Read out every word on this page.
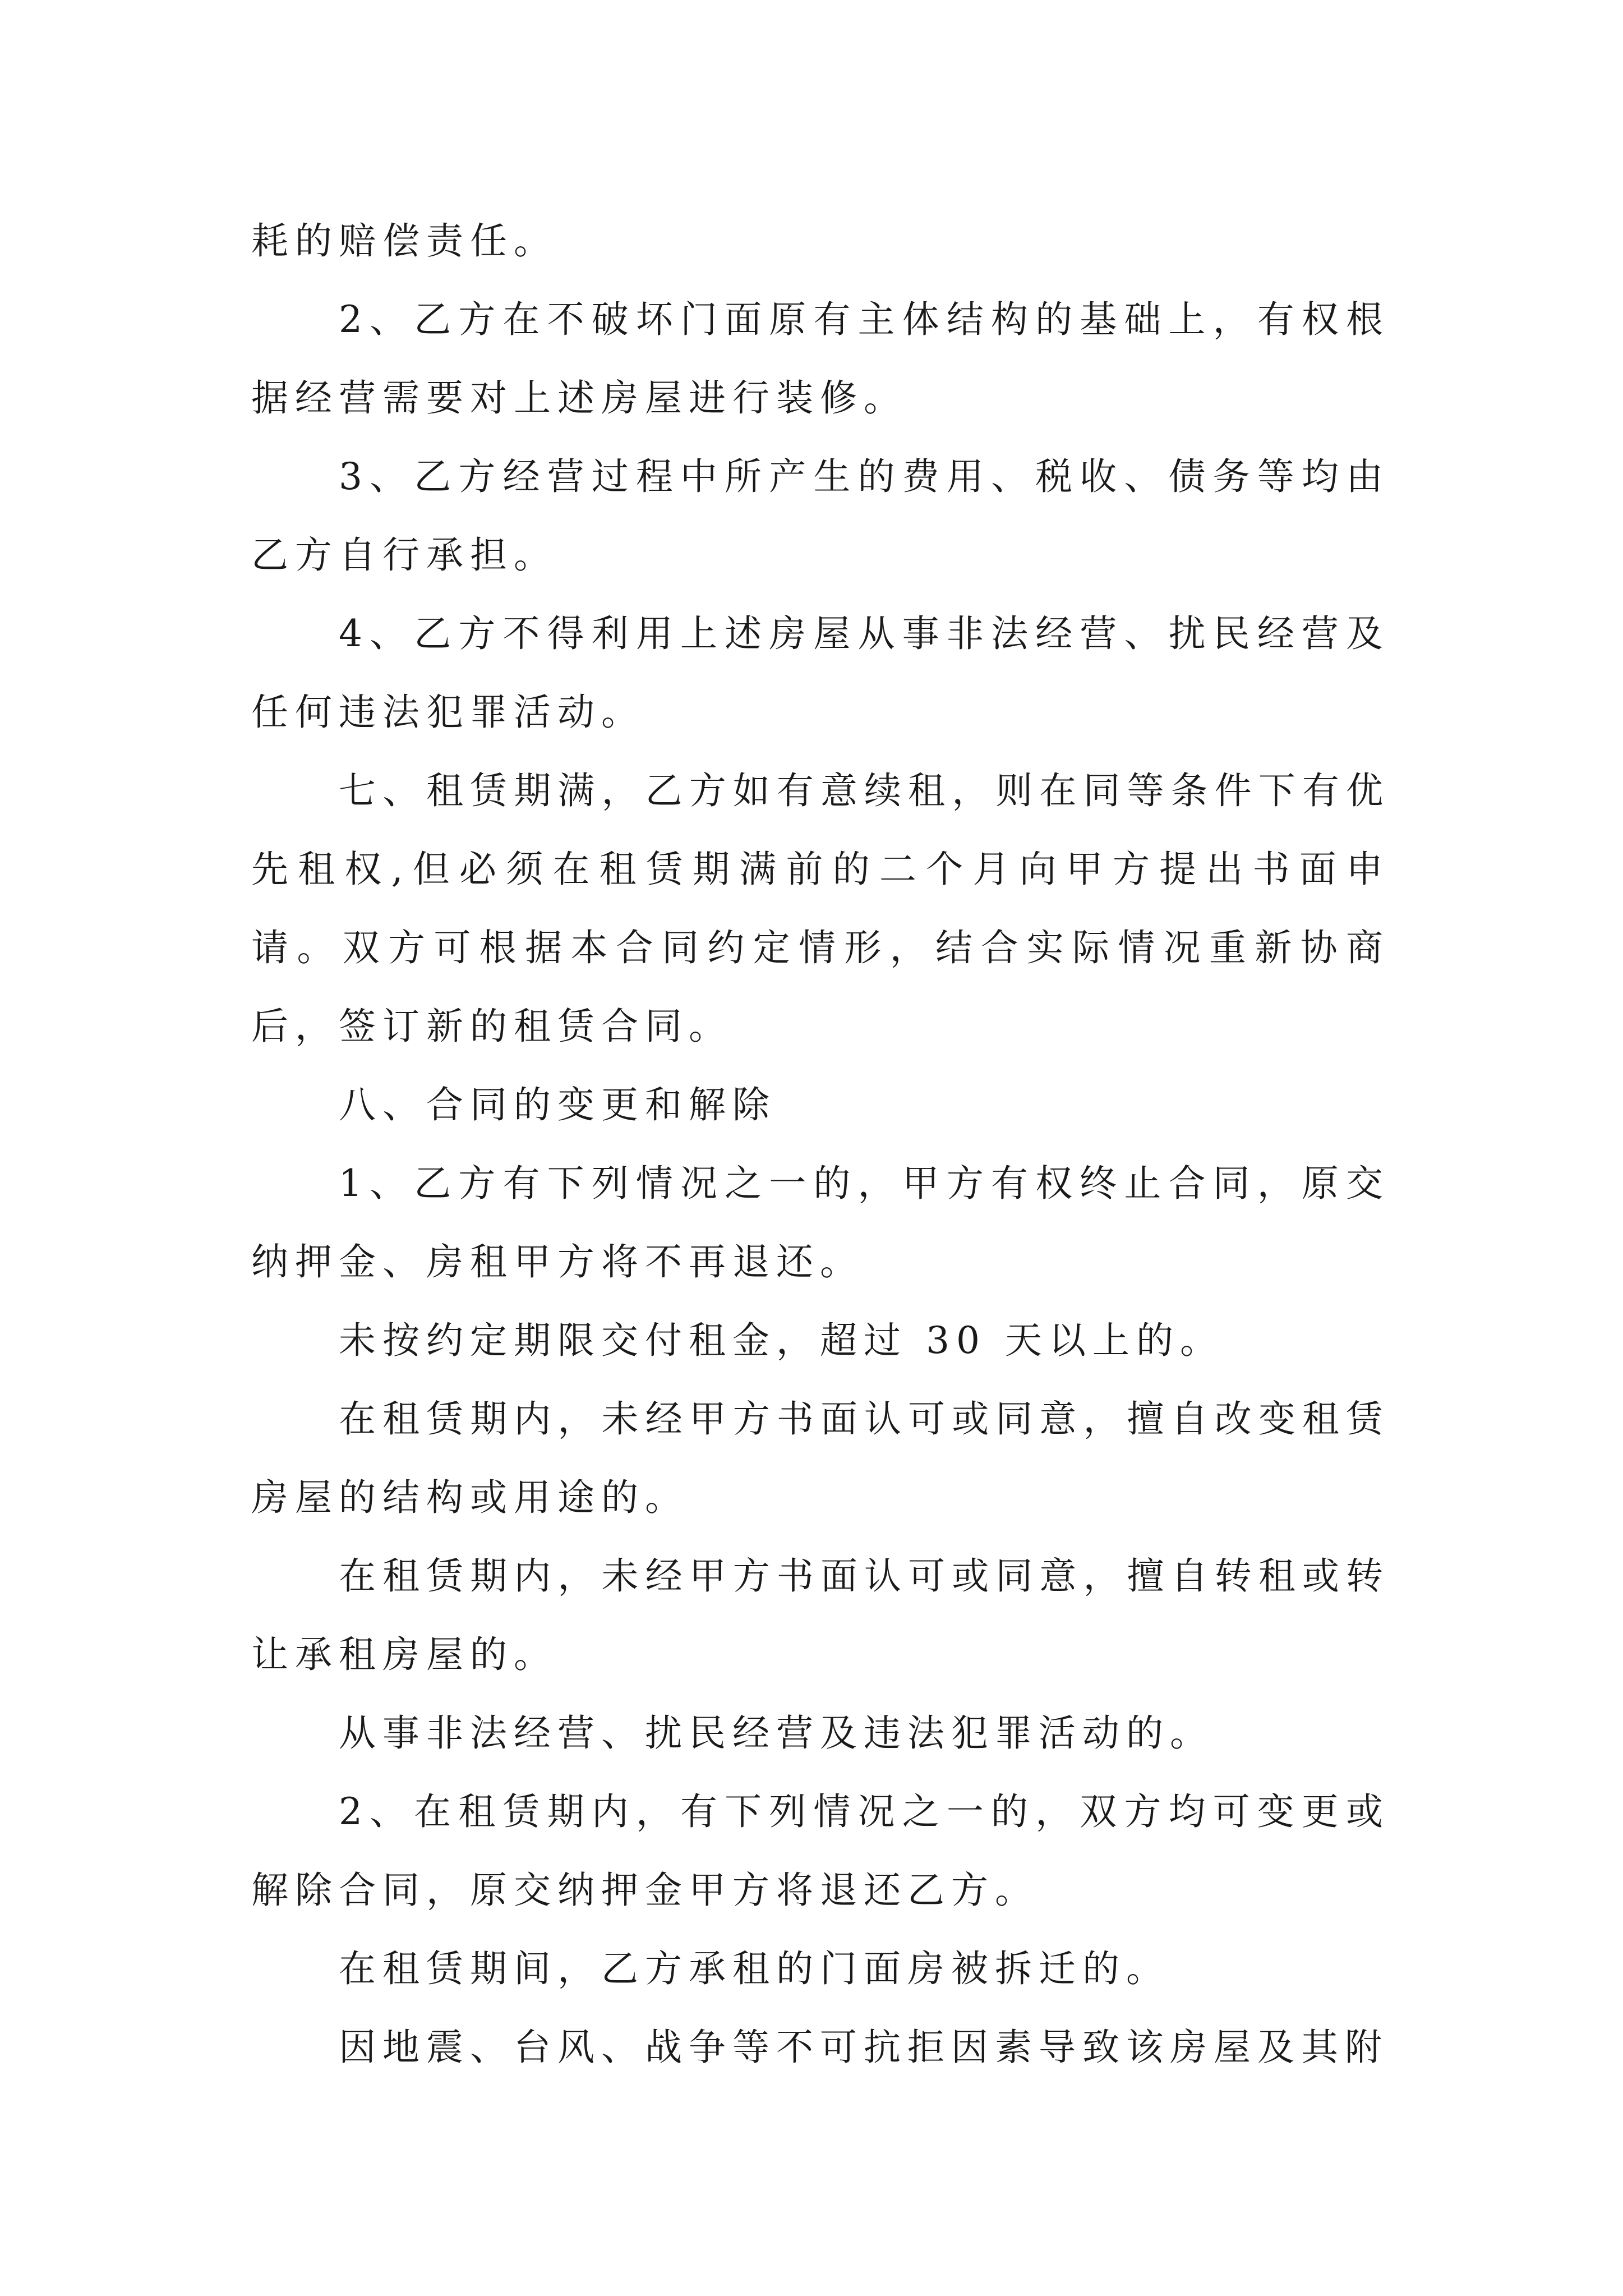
耗的赔偿责任。

2、乙方在不破坏门面原有主体结构的基础上，有权根据经营需要对上述房屋进行装修。

3、乙方经营过程中所产生的费用、税收、债务等均由乙方自行承担。

4、乙方不得利用上述房屋从事非法经营、扰民经营及任何违法犯罪活动。

七、租赁期满，乙方如有意续租，则在同等条件下有优先租权,但必须在租赁期满前的二个月向甲方提出书面申请。双方可根据本合同约定情形，结合实际情况重新协商后，签订新的租赁合同。

八、合同的变更和解除

1、乙方有下列情况之一的，甲方有权终止合同，原交纳押金、房租甲方将不再退还。

未按约定期限交付租金，超过 30 天以上的。

在租赁期内，未经甲方书面认可或同意，擅自改变租赁房屋的结构或用途的。

在租赁期内，未经甲方书面认可或同意，擅自转租或转让承租房屋的。

从事非法经营、扰民经营及违法犯罪活动的。

2、在租赁期内，有下列情况之一的，双方均可变更或解除合同，原交纳押金甲方将退还乙方。

在租赁期间，乙方承租的门面房被拆迁的。

因地震、台风、战争等不可抗拒因素导致该房屋及其附
